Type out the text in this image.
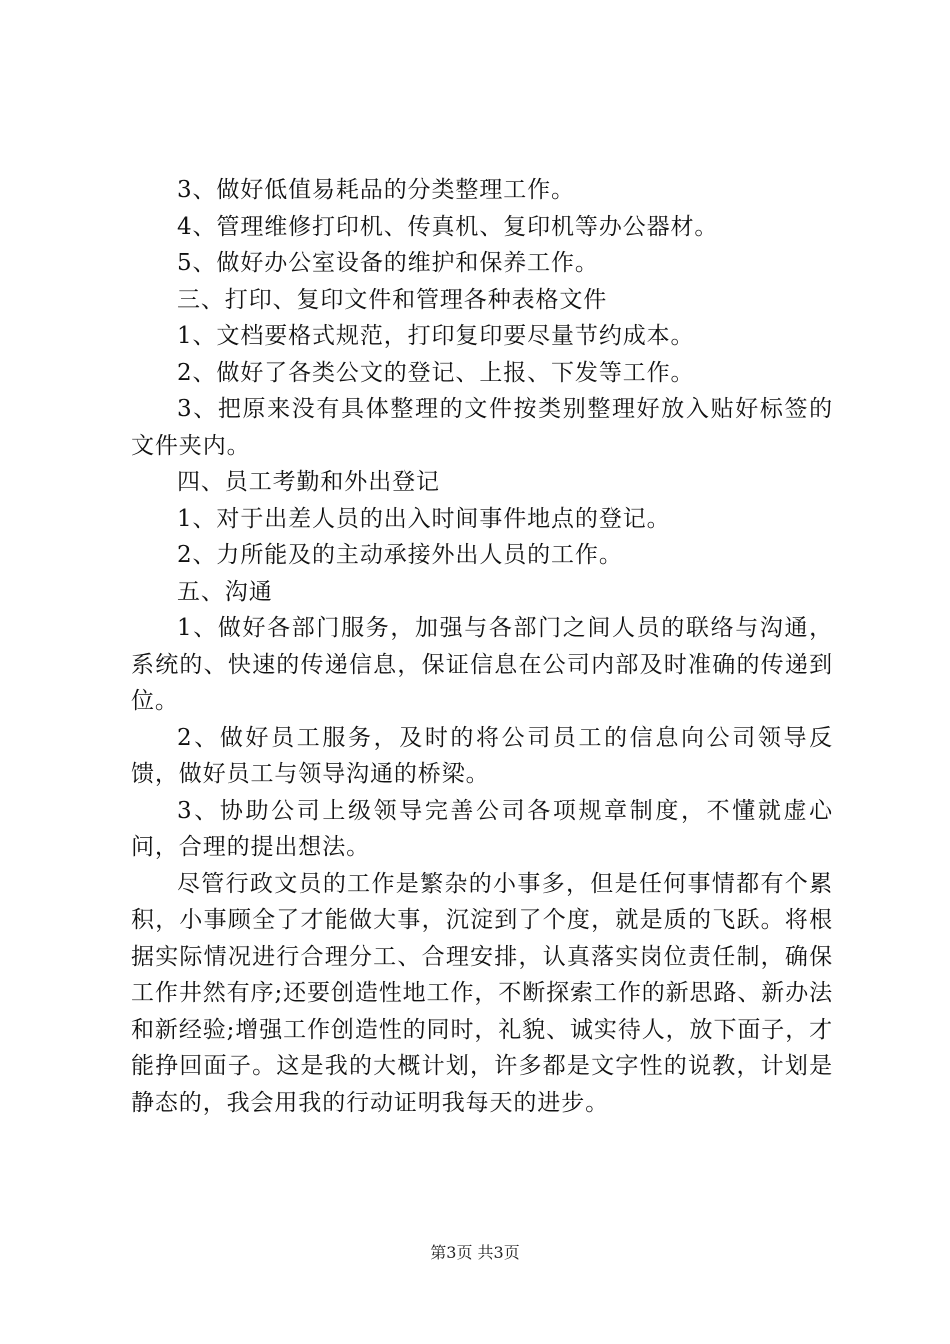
3、做好低值易耗品的分类整理工作。

4、管理维修打印机、传真机、复印机等办公器材。

5、做好办公室设备的维护和保养工作。

三、打印、复印文件和管理各种表格文件

1、文档要格式规范，打印复印要尽量节约成本。

2、做好了各类公文的登记、上报、下发等工作。

3、把原来没有具体整理的文件按类别整理好放入贴好标签的文件夹内。

四、员工考勤和外出登记

1、对于出差人员的出入时间事件地点的登记。

2、力所能及的主动承接外出人员的工作。

五、沟通

1、做好各部门服务，加强与各部门之间人员的联络与沟通，系统的、快速的传递信息，保证信息在公司内部及时准确的传递到位。

2、做好员工服务，及时的将公司员工的信息向公司领导反馈，做好员工与领导沟通的桥梁。

3、协助公司上级领导完善公司各项规章制度，不懂就虚心问，合理的提出想法。

尽管行政文员的工作是繁杂的小事多，但是任何事情都有个累积，小事顾全了才能做大事，沉淀到了个度，就是质的飞跃。将根据实际情况进行合理分工、合理安排，认真落实岗位责任制，确保工作井然有序;还要创造性地工作，不断探索工作的新思路、新办法和新经验;增强工作创造性的同时，礼貌、诚实待人，放下面子，才能挣回面子。这是我的大概计划，许多都是文字性的说教，计划是静态的，我会用我的行动证明我每天的进步。

第3页 共3页
